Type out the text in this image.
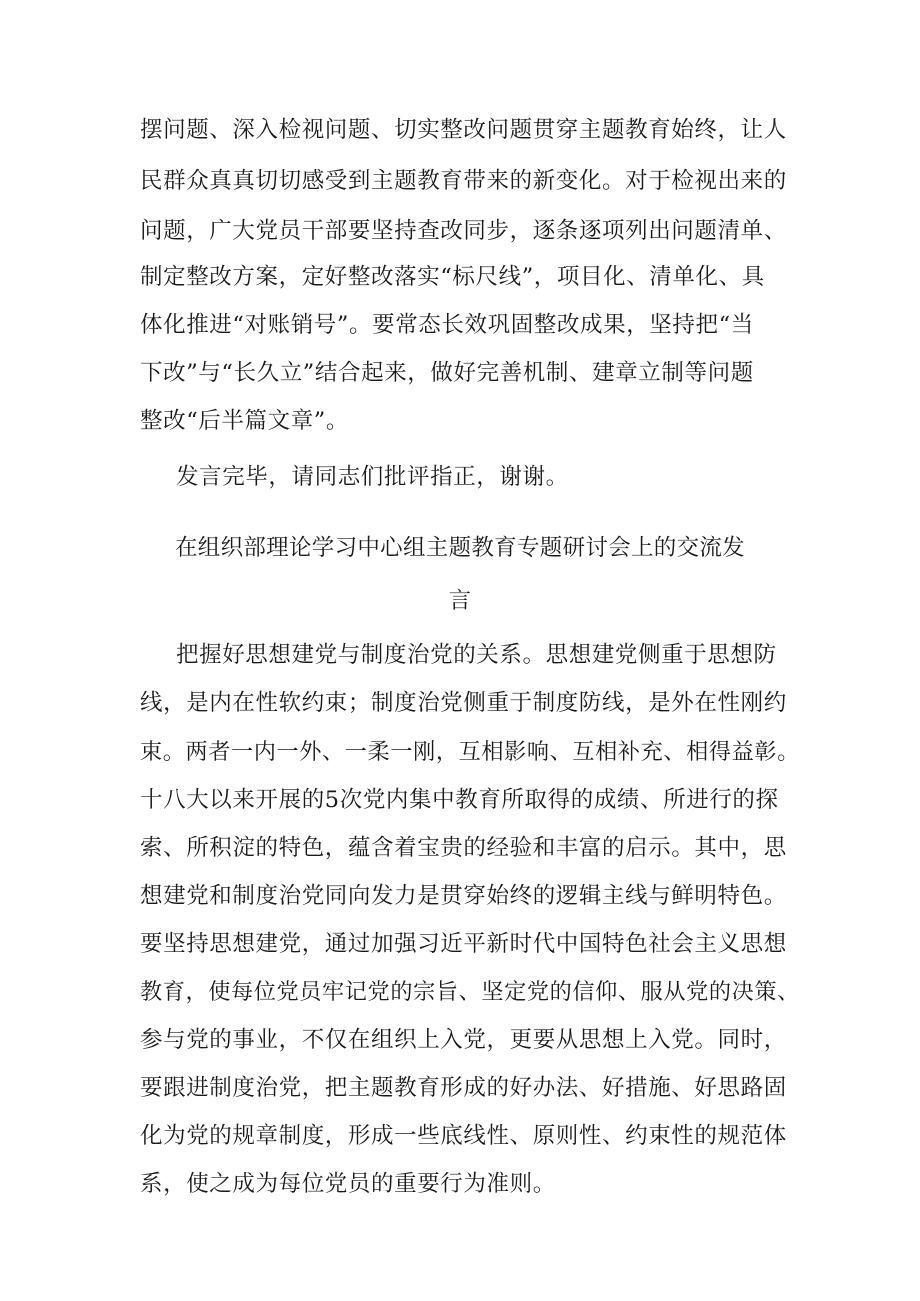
摆问题、深入检视问题、切实整改问题贯穿主题教育始终，让人
民群众真真切切感受到主题教育带来的新变化。对于检视出来的
问题，广大党员干部要坚持查改同步，逐条逐项列出问题清单、
制定整改方案，定好整改落实“标尺线”，项目化、清单化、具
体化推进“对账销号”。要常态长效巩固整改成果，坚持把“当
下改”与“长久立”结合起来，做好完善机制、建章立制等问题
整改“后半篇文章”。
发言完毕，请同志们批评指正，谢谢。
在组织部理论学习中心组主题教育专题研讨会上的交流发
言
把握好思想建党与制度治党的关系。思想建党侧重于思想防
线，是内在性软约束；制度治党侧重于制度防线，是外在性刚约
束。两者一内一外、一柔一刚，互相影响、互相补充、相得益彰。
十八大以来开展的5次党内集中教育所取得的成绩、所进行的探
索、所积淀的特色，蕴含着宝贵的经验和丰富的启示。其中，思
想建党和制度治党同向发力是贯穿始终的逻辑主线与鲜明特色。
要坚持思想建党，通过加强习近平新时代中国特色社会主义思想
教育，使每位党员牢记党的宗旨、坚定党的信仰、服从党的决策、
参与党的事业，不仅在组织上入党，更要从思想上入党。同时，
要跟进制度治党，把主题教育形成的好办法、好措施、好思路固
化为党的规章制度，形成一些底线性、原则性、约束性的规范体
系，使之成为每位党员的重要行为准则。
